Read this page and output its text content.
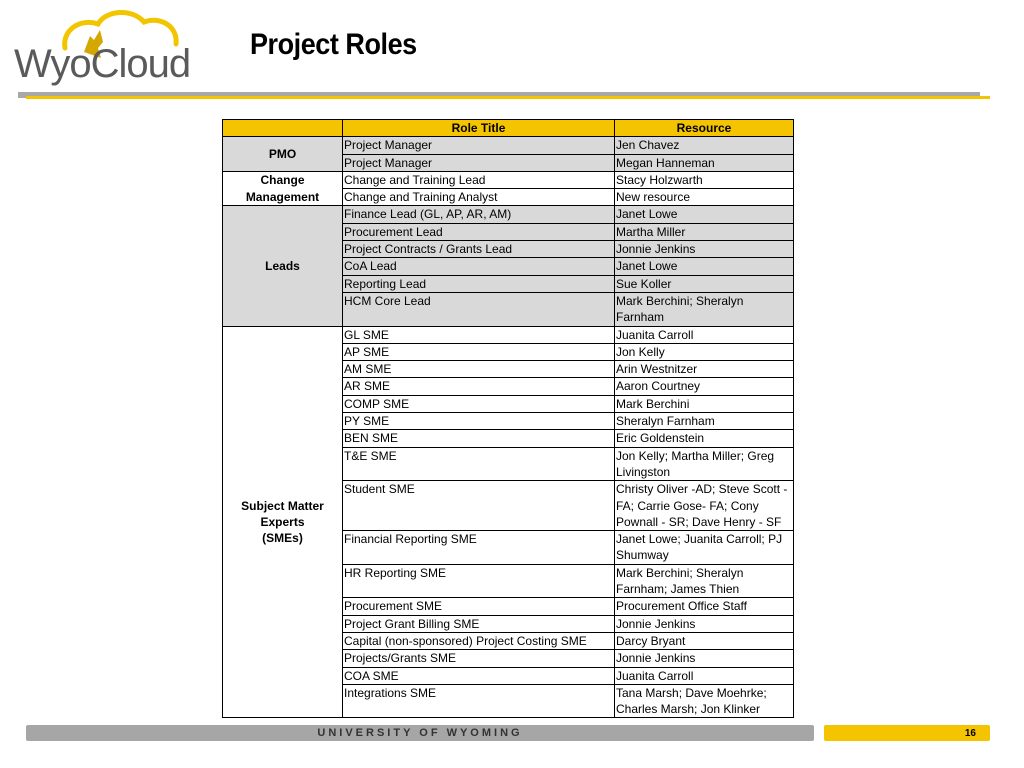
WyoCloud Project Roles
	Role Title	Resource
PMO	Project Manager	Jen Chavez
	Project Manager	Megan Hanneman
Change Management	Change and Training Lead	Stacy Holzwarth
	Change and Training Analyst	New resource
Leads	Finance Lead (GL, AP, AR, AM)	Janet Lowe
	Procurement Lead	Martha Miller
	Project Contracts / Grants Lead	Jonnie Jenkins
	CoA Lead	Janet Lowe
	Reporting Lead	Sue Koller
	HCM Core Lead	Mark Berchini; Sheralyn Farnham
Subject Matter Experts (SMEs)	GL SME	Juanita Carroll
	AP SME	Jon Kelly
	AM SME	Arin Westnitzer
	AR SME	Aaron Courtney
	COMP SME	Mark Berchini
	PY SME	Sheralyn Farnham
	BEN SME	Eric Goldenstein
	T&E SME	Jon Kelly; Martha Miller; Greg Livingston
	Student SME	Christy Oliver -AD; Steve Scott - FA; Carrie Gose- FA; Cony Pownall - SR; Dave Henry - SF
	Financial Reporting SME	Janet Lowe; Juanita Carroll; PJ Shumway
	HR Reporting SME	Mark Berchini; Sheralyn Farnham; James Thien
	Procurement SME	Procurement Office Staff
	Project Grant Billing SME	Jonnie Jenkins
	Capital (non-sponsored) Project Costing SME	Darcy Bryant
	Projects/Grants SME	Jonnie Jenkins
	COA SME	Juanita Carroll
	Integrations SME	Tana Marsh; Dave Moehrke; Charles Marsh; Jon Klinker
UNIVERSITY OF WYOMING	16
